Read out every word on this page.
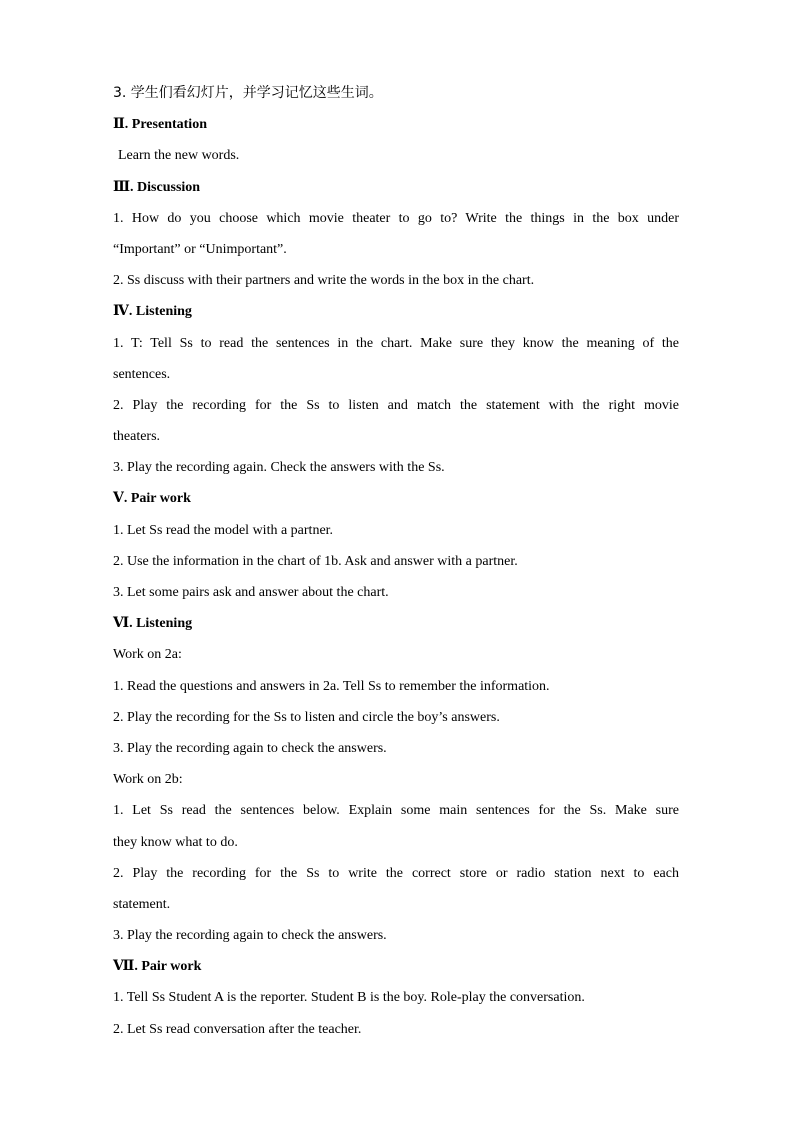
3. 学生们看幻灯片，并学习记忆这些生词。
Ⅱ. Presentation
Learn the new words.
Ⅲ. Discussion
1. How do you choose which movie theater to go to? Write the things in the box under
“Important” or “Unimportant”.
2. Ss discuss with their partners and write the words in the box in the chart.
Ⅳ. Listening
1. T: Tell Ss to read the sentences in the chart. Make sure they know the meaning of the
sentences.
2. Play the recording for the Ss to listen and match the statement with the right movie
theaters.
3. Play the recording again. Check the answers with the Ss.
Ⅴ. Pair work
1. Let Ss read the model with a partner.
2. Use the information in the chart of 1b. Ask and answer with a partner.
3. Let some pairs ask and answer about the chart.
Ⅵ. Listening
Work on 2a:
1. Read the questions and answers in 2a. Tell Ss to remember the information.
2. Play the recording for the Ss to listen and circle the boy’s answers.
3. Play the recording again to check the answers.
Work on 2b:
1. Let Ss read the sentences below. Explain some main sentences for the Ss. Make sure
they know what to do.
2. Play the recording for the Ss to write the correct store or radio station next to each
statement.
3. Play the recording again to check the answers.
Ⅶ. Pair work
1. Tell Ss Student A is the reporter. Student B is the boy. Role-play the conversation.
2. Let Ss read conversation after the teacher.
